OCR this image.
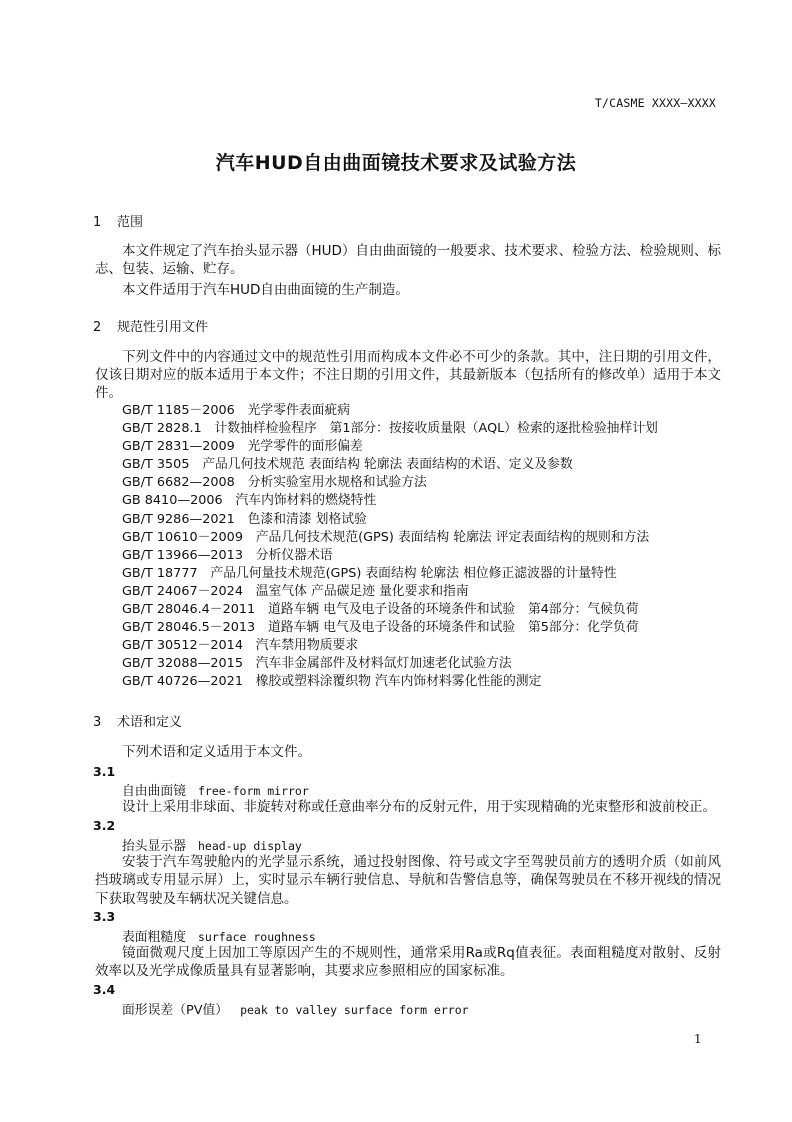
T/CASME XXXX—XXXX
汽车HUD自由曲面镜技术要求及试验方法
1 范围

本文件规定了汽车抬头显示器（HUD）自由曲面镜的一般要求、技术要求、检验方法、检验规则、标志、包装、运输、贮存。

本文件适用于汽车HUD自由曲面镜的生产制造。

2 规范性引用文件

下列文件中的内容通过文中的规范性引用而构成本文件必不可少的条款。其中，注日期的引用文件，仅该日期对应的版本适用于本文件；不注日期的引用文件，其最新版本（包括所有的修改单）适用于本文件。

GB/T 1185－2006　光学零件表面疵病
GB/T 2828.1　计数抽样检验程序　第1部分：按接收质量限（AQL）检索的逐批检验抽样计划
GB/T 2831—2009　光学零件的面形偏差
GB/T 3505　产品几何技术规范 表面结构 轮廓法 表面结构的术语、定义及参数
GB/T 6682—2008　分析实验室用水规格和试验方法
GB 8410—2006　汽车内饰材料的燃烧特性
GB/T 9286—2021　色漆和清漆 划格试验
GB/T 10610－2009　产品几何技术规范(GPS) 表面结构 轮廓法 评定表面结构的规则和方法
GB/T 13966—2013　分析仪器术语
GB/T 18777　产品几何量技术规范(GPS) 表面结构 轮廓法 相位修正滤波器的计量特性
GB/T 24067－2024　温室气体 产品碳足迹 量化要求和指南
GB/T 28046.4－2011　道路车辆 电气及电子设备的环境条件和试验　第4部分：气候负荷
GB/T 28046.5－2013　道路车辆 电气及电子设备的环境条件和试验　第5部分：化学负荷
GB/T 30512－2014　汽车禁用物质要求
GB/T 32088—2015　汽车非金属部件及材料氙灯加速老化试验方法
GB/T 40726—2021　橡胶或塑料涂覆织物 汽车内饰材料雾化性能的测定
3 术语和定义

下列术语和定义适用于本文件。

3.1
自由曲面镜 free-form mirror

设计上采用非球面、非旋转对称或任意曲率分布的反射元件，用于实现精确的光束整形和波前校正。

3.2
抬头显示器 head-up display

安装于汽车驾驶舱内的光学显示系统，通过投射图像、符号或文字至驾驶员前方的透明介质（如前风挡玻璃或专用显示屏）上，实时显示车辆行驶信息、导航和告警信息等，确保驾驶员在不移开视线的情况下获取驾驶及车辆状况关键信息。

3.3
表面粗糙度 surface roughness

镜面微观尺度上因加工等原因产生的不规则性，通常采用Ra或Rq值表征。表面粗糙度对散射、反射效率以及光学成像质量具有显著影响，其要求应参照相应的国家标准。

3.4
面形误差（PV值） peak to valley surface form error
1
